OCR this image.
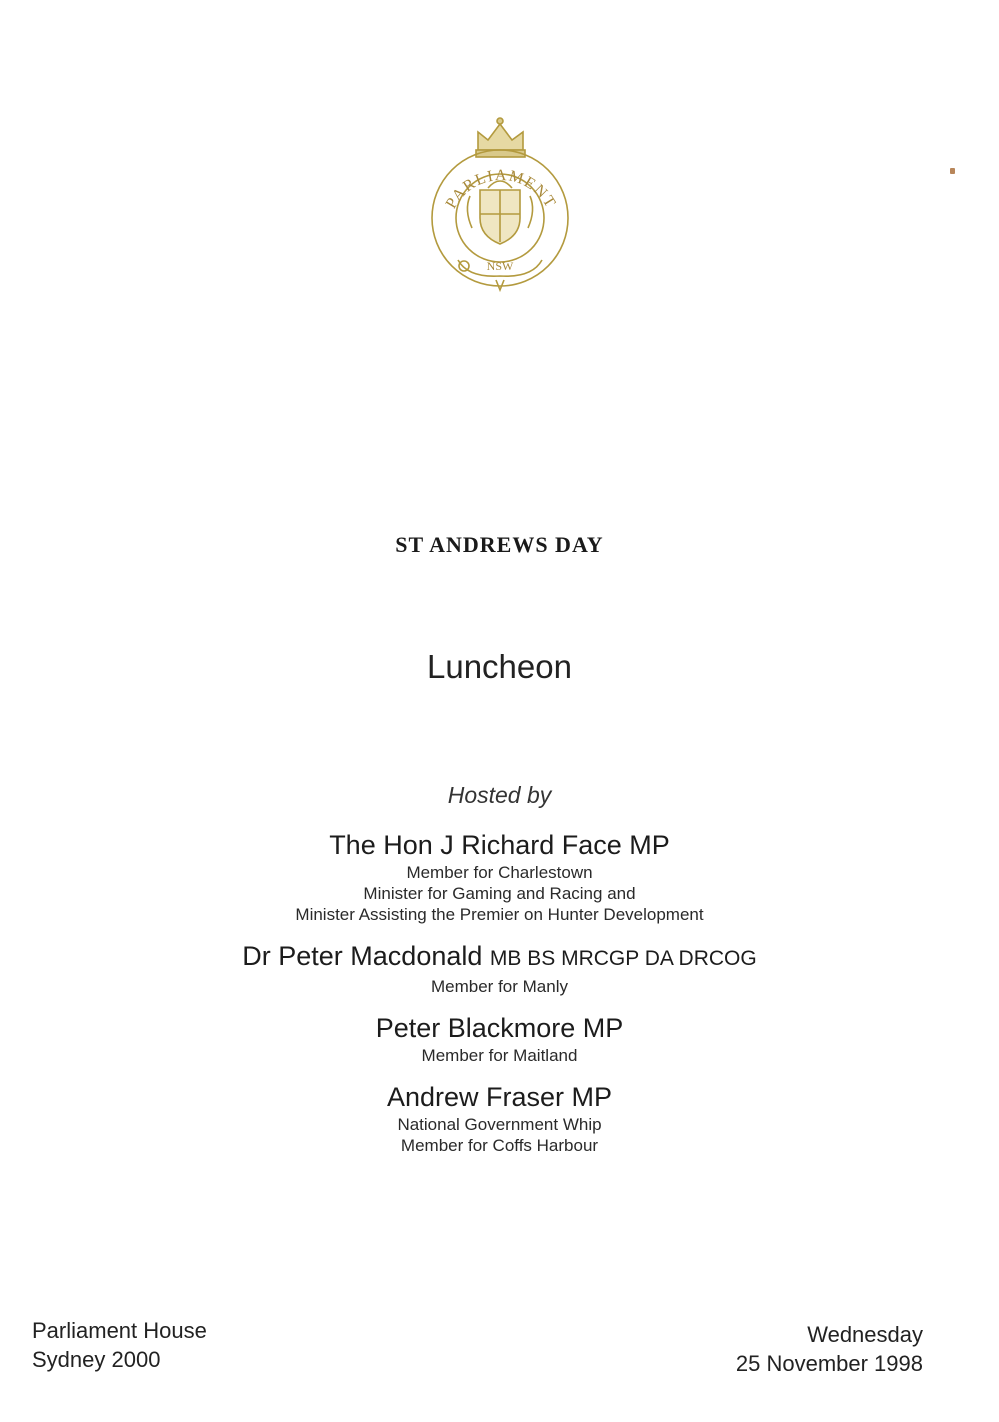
PARLIAMENT
NSW
ST ANDREWS DAY
Luncheon
Hosted by
The Hon J Richard Face MP
Member for Charlestown
Minister for Gaming and Racing and
Minister Assisting the Premier on Hunter Development
Dr Peter Macdonald MB BS MRCGP DA DRCOG
Member for Manly
Peter Blackmore MP
Member for Maitland
Andrew Fraser MP
National Government Whip
Member for Coffs Harbour
Parliament House
Sydney 2000
Wednesday
25 November 1998
